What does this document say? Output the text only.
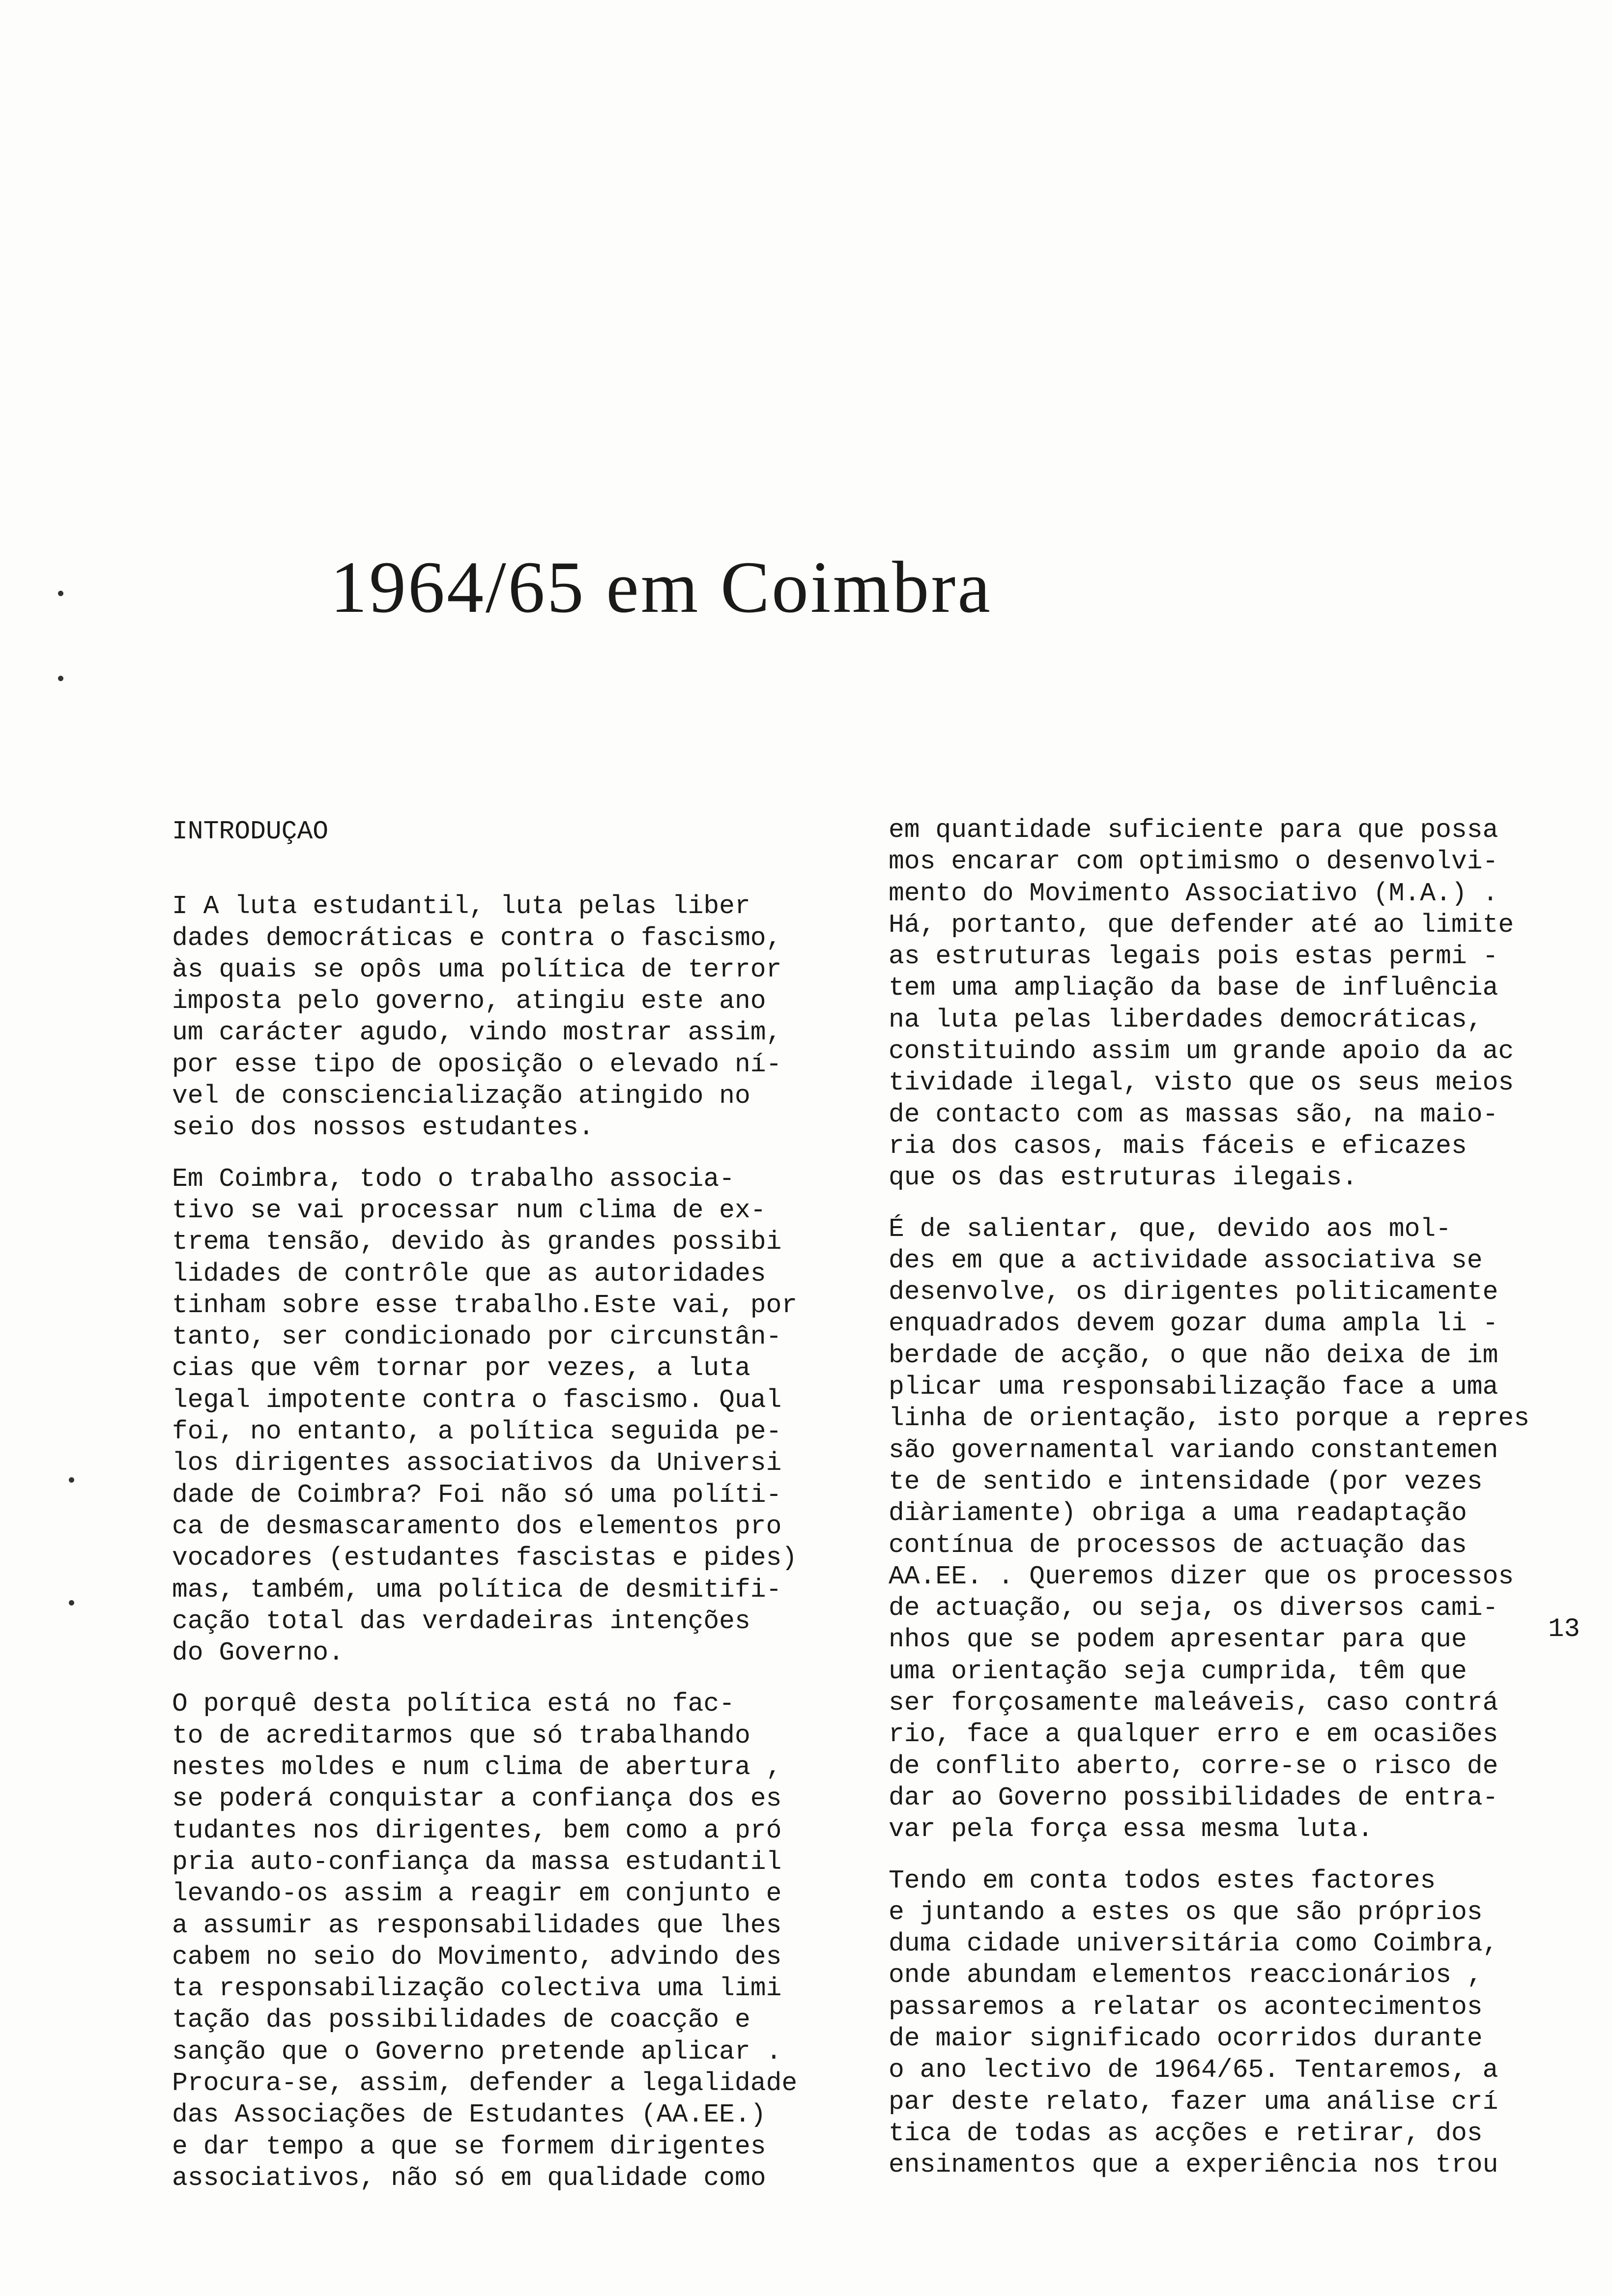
1964/65 em Coimbra

INTRODUÇAO

I A luta estudantil, luta pelas liber
dades democráticas e contra o fascismo,
às quais se opôs uma política de terror
imposta pelo governo, atingiu este ano
um carácter agudo, vindo mostrar assim,
por esse tipo de oposição o elevado ní-
vel de consciencialização atingido no
seio dos nossos estudantes.

Em Coimbra, todo o trabalho associa-
tivo se vai processar num clima de ex-
trema tensão, devido às grandes possibi
lidades de contrôle que as autoridades
tinham sobre esse trabalho.Este vai, por
tanto, ser condicionado por circunstân-
cias que vêm tornar por vezes, a luta
legal impotente contra o fascismo. Qual
foi, no entanto, a política seguida pe-
los dirigentes associativos da Universi
dade de Coimbra? Foi não só uma políti-
ca de desmascaramento dos elementos pro
vocadores (estudantes fascistas e pides)
mas, também, uma política de desmitifi-
cação total das verdadeiras intenções
do Governo.

O porquê desta política está no fac-
to de acreditarmos que só trabalhando
nestes moldes e num clima de abertura ,
se poderá conquistar a confiança dos es
tudantes nos dirigentes, bem como a pró
pria auto-confiança da massa estudantil
levando-os assim a reagir em conjunto e
a assumir as responsabilidades que lhes
cabem no seio do Movimento, advindo des
ta responsabilização colectiva uma limi
tação das possibilidades de coacção e
sanção que o Governo pretende aplicar .
Procura-se, assim, defender a legalidade
das Associações de Estudantes (AA.EE.)
e dar tempo a que se formem dirigentes
associativos, não só em qualidade como

em quantidade suficiente para que possa
mos encarar com optimismo o desenvolvi-
mento do Movimento Associativo (M.A.) .
Há, portanto, que defender até ao limite
as estruturas legais pois estas permi -
tem uma ampliação da base de influência
na luta pelas liberdades democráticas,
constituindo assim um grande apoio da ac
tividade ilegal, visto que os seus meios
de contacto com as massas são, na maio-
ria dos casos, mais fáceis e eficazes
que os das estruturas ilegais.

É de salientar, que, devido aos mol-
des em que a actividade associativa se
desenvolve, os dirigentes politicamente
enquadrados devem gozar duma ampla li -
berdade de acção, o que não deixa de im
plicar uma responsabilização face a uma
linha de orientação, isto porque a repres
são governamental variando constantemen
te de sentido e intensidade (por vezes
diàriamente) obriga a uma readaptação
contínua de processos de actuação das
AA.EE. . Queremos dizer que os processos
de actuação, ou seja, os diversos cami-
nhos que se podem apresentar para que
uma orientação seja cumprida, têm que
ser forçosamente maleáveis, caso contrá
rio, face a qualquer erro e em ocasiões
de conflito aberto, corre-se o risco de
dar ao Governo possibilidades de entra-
var pela força essa mesma luta.

Tendo em conta todos estes factores
e juntando a estes os que são próprios
duma cidade universitária como Coimbra,
onde abundam elementos reaccionários ,
passaremos a relatar os acontecimentos
de maior significado ocorridos durante
o ano lectivo de 1964/65. Tentaremos, a
par deste relato, fazer uma análise crí
tica de todas as acções e retirar, dos
ensinamentos que a experiência nos trou

13
